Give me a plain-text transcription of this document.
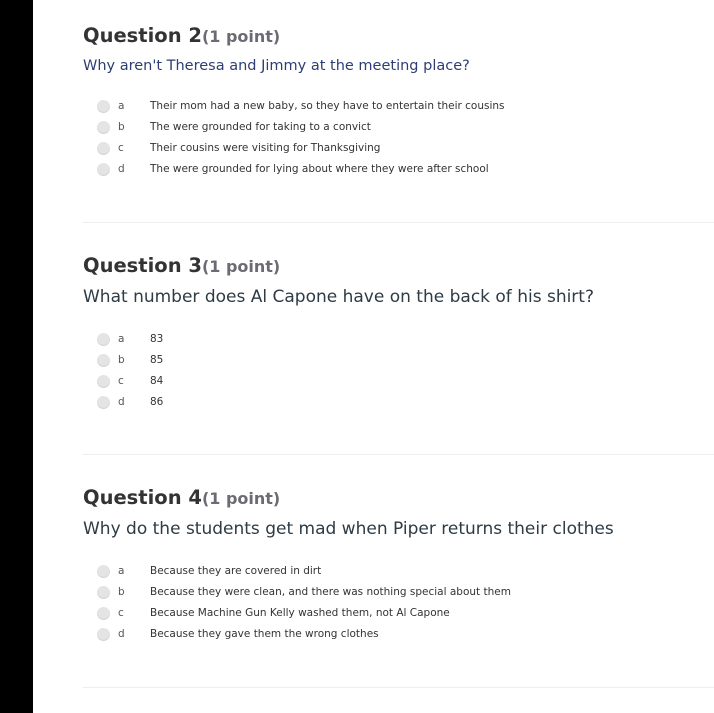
Question 2(1 point)

Why aren't Theresa and Jimmy at the meeting place?

a Their mom had a new baby, so they have to entertain their cousins
b The were grounded for taking to a convict
c Their cousins were visiting for Thanksgiving
d The were grounded for lying about where they were after school
Question 3(1 point)

What number does Al Capone have on the back of his shirt?

a 83
b 85
c 84
d 86
Question 4(1 point)

Why do the students get mad when Piper returns their clothes

a Because they are covered in dirt
b Because they were clean, and there was nothing special about them
c Because Machine Gun Kelly washed them, not Al Capone
d Because they gave them the wrong clothes
